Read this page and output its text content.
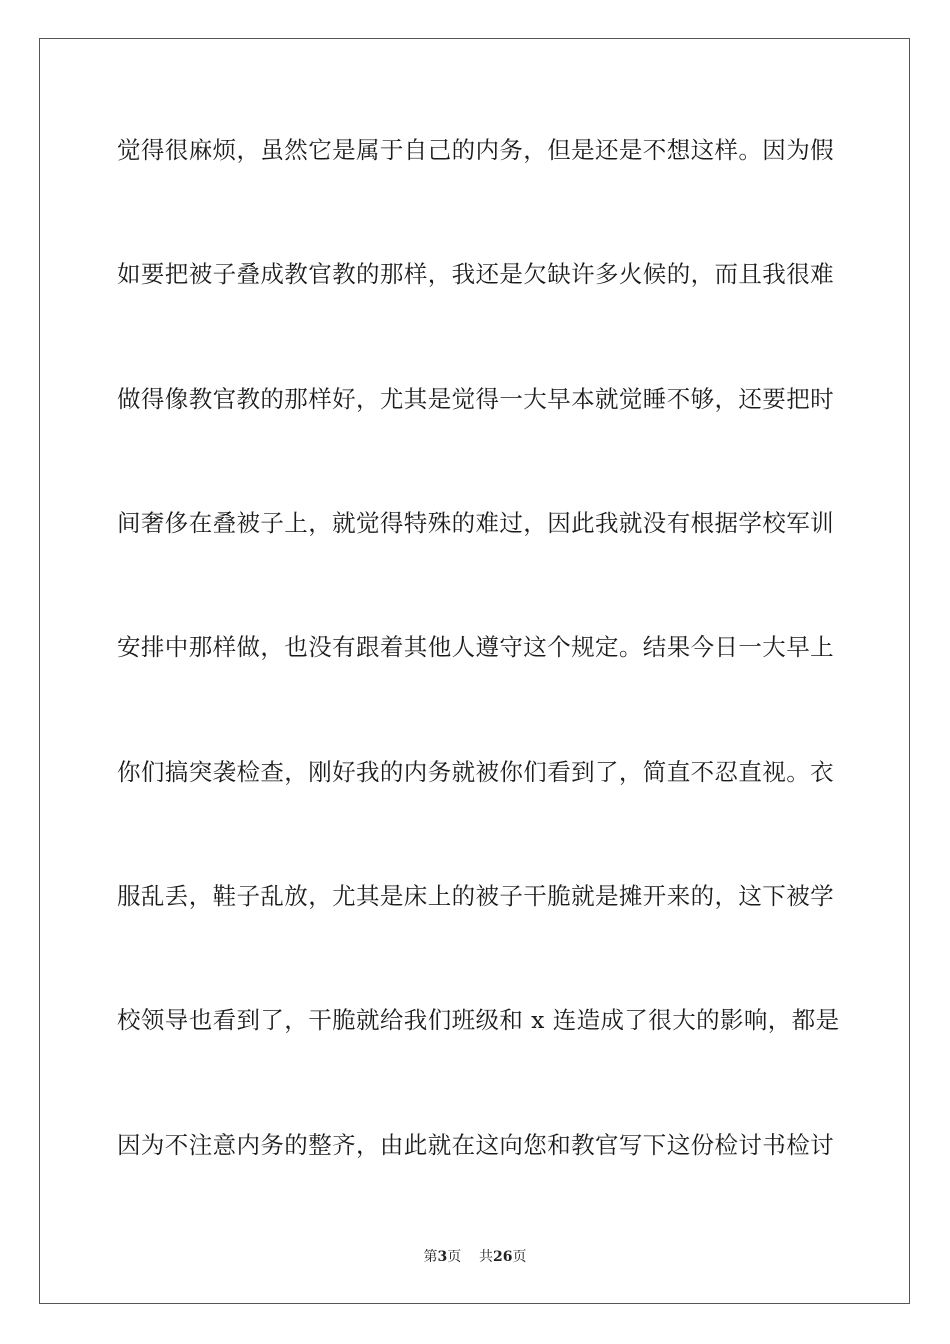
觉得很麻烦，虽然它是属于自己的内务，但是还是不想这样。因为假
如要把被子叠成教官教的那样，我还是欠缺许多火候的，而且我很难
做得像教官教的那样好，尤其是觉得一大早本就觉睡不够，还要把时
间奢侈在叠被子上，就觉得特殊的难过，因此我就没有根据学校军训
安排中那样做，也没有跟着其他人遵守这个规定。结果今日一大早上
你们搞突袭检查，刚好我的内务就被你们看到了，简直不忍直视。衣
服乱丢，鞋子乱放，尤其是床上的被子干脆就是摊开来的，这下被学
校领导也看到了，干脆就给我们班级和 x 连造成了很大的影响，都是
因为不注意内务的整齐，由此就在这向您和教官写下这份检讨书检讨
第3页 共26页
